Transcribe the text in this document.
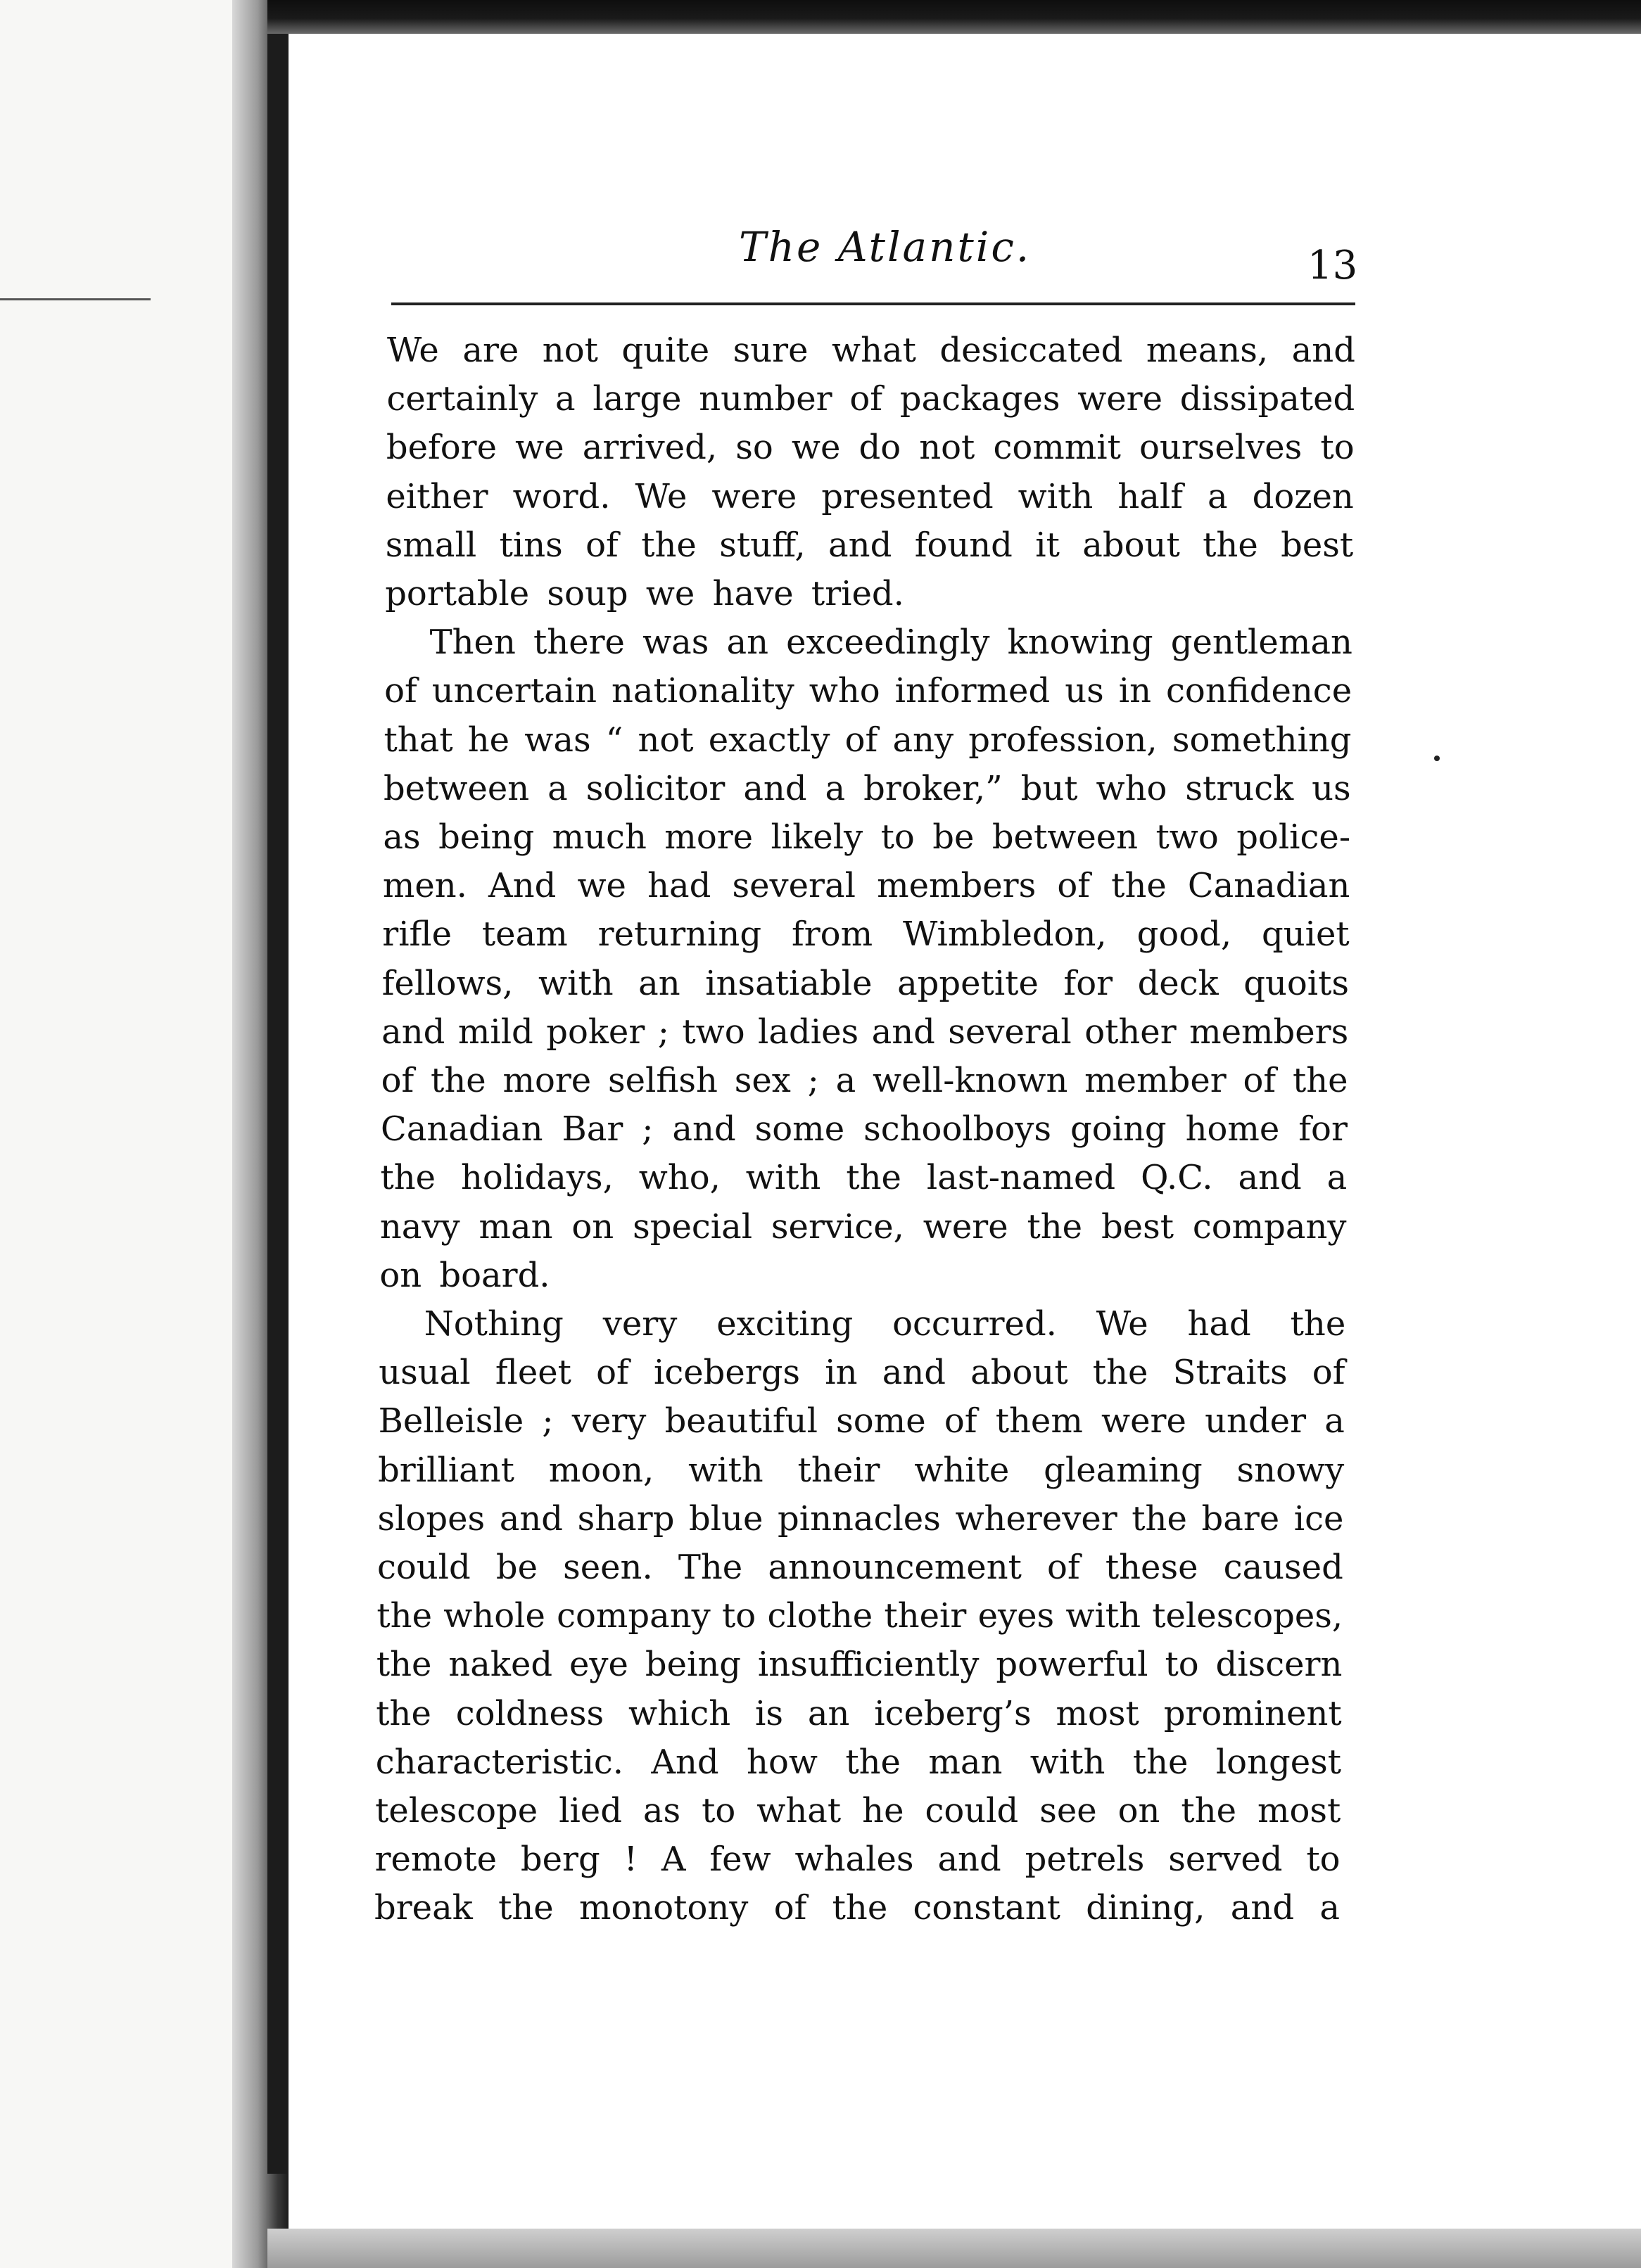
The Atlantic.	13
We are not quite sure what desiccated means, and
certainly a large number of packages were dissipated
before we arrived, so we do not commit ourselves to
either word. We were presented with half a dozen
small tins of the stuff, and found it about the best
portable soup we have tried.
Then there was an exceedingly knowing gentleman
of uncertain nationality who informed us in confidence
that he was “ not exactly of any profession, something
between a solicitor and a broker,” but who struck us
as being much more likely to be between two police-
men. And we had several members of the Canadian
rifle team returning from Wimbledon, good, quiet
fellows, with an insatiable appetite for deck quoits
and mild poker ; two ladies and several other members
of the more selfish sex ; a well-known member of the
Canadian Bar ; and some schoolboys going home for
the holidays, who, with the last-named Q.C. and a
navy man on special service, were the best company
on board.
Nothing very exciting occurred. We had the
usual fleet of icebergs in and about the Straits of
Belleisle ; very beautiful some of them were under a
brilliant moon, with their white gleaming snowy
slopes and sharp blue pinnacles wherever the bare ice
could be seen. The announcement of these caused
the whole company to clothe their eyes with telescopes,
the naked eye being insufficiently powerful to discern
the coldness which is an iceberg’s most prominent
characteristic. And how the man with the longest
telescope lied as to what he could see on the most
remote berg ! A few whales and petrels served to
break the monotony of the constant dining, and a
